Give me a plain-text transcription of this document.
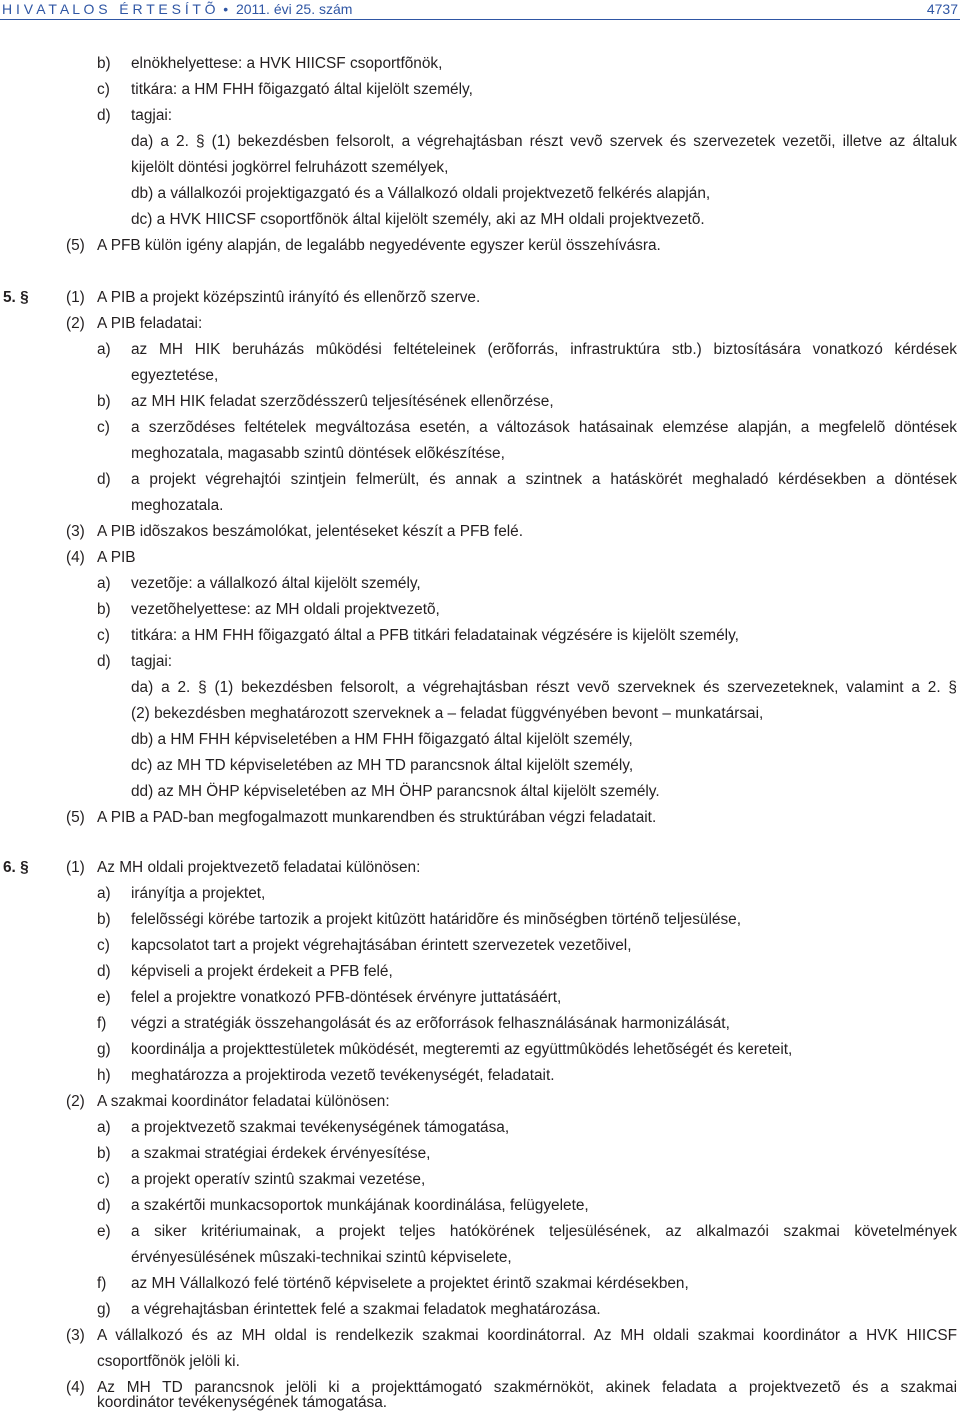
H I V A T A L O S   É R T E S Í T Õ  •  2011. évi 25. szám	4737
b) elnökhelyettese: a HVK HIICSF csoportfõnök,
c) titkára: a HM FHH fõigazgató által kijelölt személy,
d) tagjai:
da) a 2. § (1) bekezdésben felsorolt, a végrehajtásban részt vevõ szervek és szervezetek vezetõi, illetve az általuk
kijelölt döntési jogkörrel felruházott személyek,
db) a vállalkozói projektigazgató és a Vállalkozó oldali projektvezetõ felkérés alapján,
dc) a HVK HIICSF csoportfõnök által kijelölt személy, aki az MH oldali projektvezetõ.
(5) A PFB külön igény alapján, de legalább negyedévente egyszer kerül összehívásra.
5. § (1) A PIB a projekt középszintû irányító és ellenõrzõ szerve.
(2) A PIB feladatai:
a) az MH HIK beruházás mûködési feltételeinek (erõforrás, infrastruktúra stb.) biztosítására vonatkozó kérdések
egyeztetése,
b) az MH HIK feladat szerzõdésszerû teljesítésének ellenõrzése,
c) a szerzõdéses feltételek megváltozása esetén, a változások hatásainak elemzése alapján, a megfelelõ döntések
meghozatala, magasabb szintû döntések elõkészítése,
d) a projekt végrehajtói szintjein felmerült, és annak a szintnek a hatáskörét meghaladó kérdésekben a döntések
meghozatala.
(3) A PIB idõszakos beszámolókat, jelentéseket készít a PFB felé.
(4) A PIB
a) vezetõje: a vállalkozó által kijelölt személy,
b) vezetõhelyettese: az MH oldali projektvezetõ,
c) titkára: a HM FHH fõigazgató által a PFB titkári feladatainak végzésére is kijelölt személy,
d) tagjai:
da) a 2. § (1) bekezdésben felsorolt, a végrehajtásban részt vevõ szerveknek és szervezeteknek, valamint a 2. §
(2) bekezdésben meghatározott szerveknek a – feladat függvényében bevont – munkatársai,
db) a HM FHH képviseletében a HM FHH fõigazgató által kijelölt személy,
dc) az MH TD képviseletében az MH TD parancsnok által kijelölt személy,
dd) az MH ÖHP képviseletében az MH ÖHP parancsnok által kijelölt személy.
(5) A PIB a PAD-ban megfogalmazott munkarendben és struktúrában végzi feladatait.
6. § (1) Az MH oldali projektvezetõ feladatai különösen:
a) irányítja a projektet,
b) felelõsségi körébe tartozik a projekt kitûzött határidõre és minõségben történõ teljesülése,
c) kapcsolatot tart a projekt végrehajtásában érintett szervezetek vezetõivel,
d) képviseli a projekt érdekeit a PFB felé,
e) felel a projektre vonatkozó PFB-döntések érvényre juttatásáért,
f) végzi a stratégiák összehangolását és az erõforrások felhasználásának harmonizálását,
g) koordinálja a projekttestületek mûködését, megteremti az együttmûködés lehetõségét és kereteit,
h) meghatározza a projektiroda vezetõ tevékenységét, feladatait.
(2) A szakmai koordinátor feladatai különösen:
a) a projektvezetõ szakmai tevékenységének támogatása,
b) a szakmai stratégiai érdekek érvényesítése,
c) a projekt operatív szintû szakmai vezetése,
d) a szakértõi munkacsoportok munkájának koordinálása, felügyelete,
e) a siker kritériumainak, a projekt teljes hatókörének teljesülésének, az alkalmazói szakmai követelmények
érvényesülésének mûszaki-technikai szintû képviselete,
f) az MH Vállalkozó felé történõ képviselete a projektet érintõ szakmai kérdésekben,
g) a végrehajtásban érintettek felé a szakmai feladatok meghatározása.
(3) A vállalkozó és az MH oldal is rendelkezik szakmai koordinátorral. Az MH oldali szakmai koordinátor a HVK HIICSF
csoportfõnök jelöli ki.
(4) Az MH TD parancsnok jelöli ki a projekttámogató szakmérnököt, akinek feladata a projektvezetõ és a szakmai
koordinátor tevékenységének támogatása.
